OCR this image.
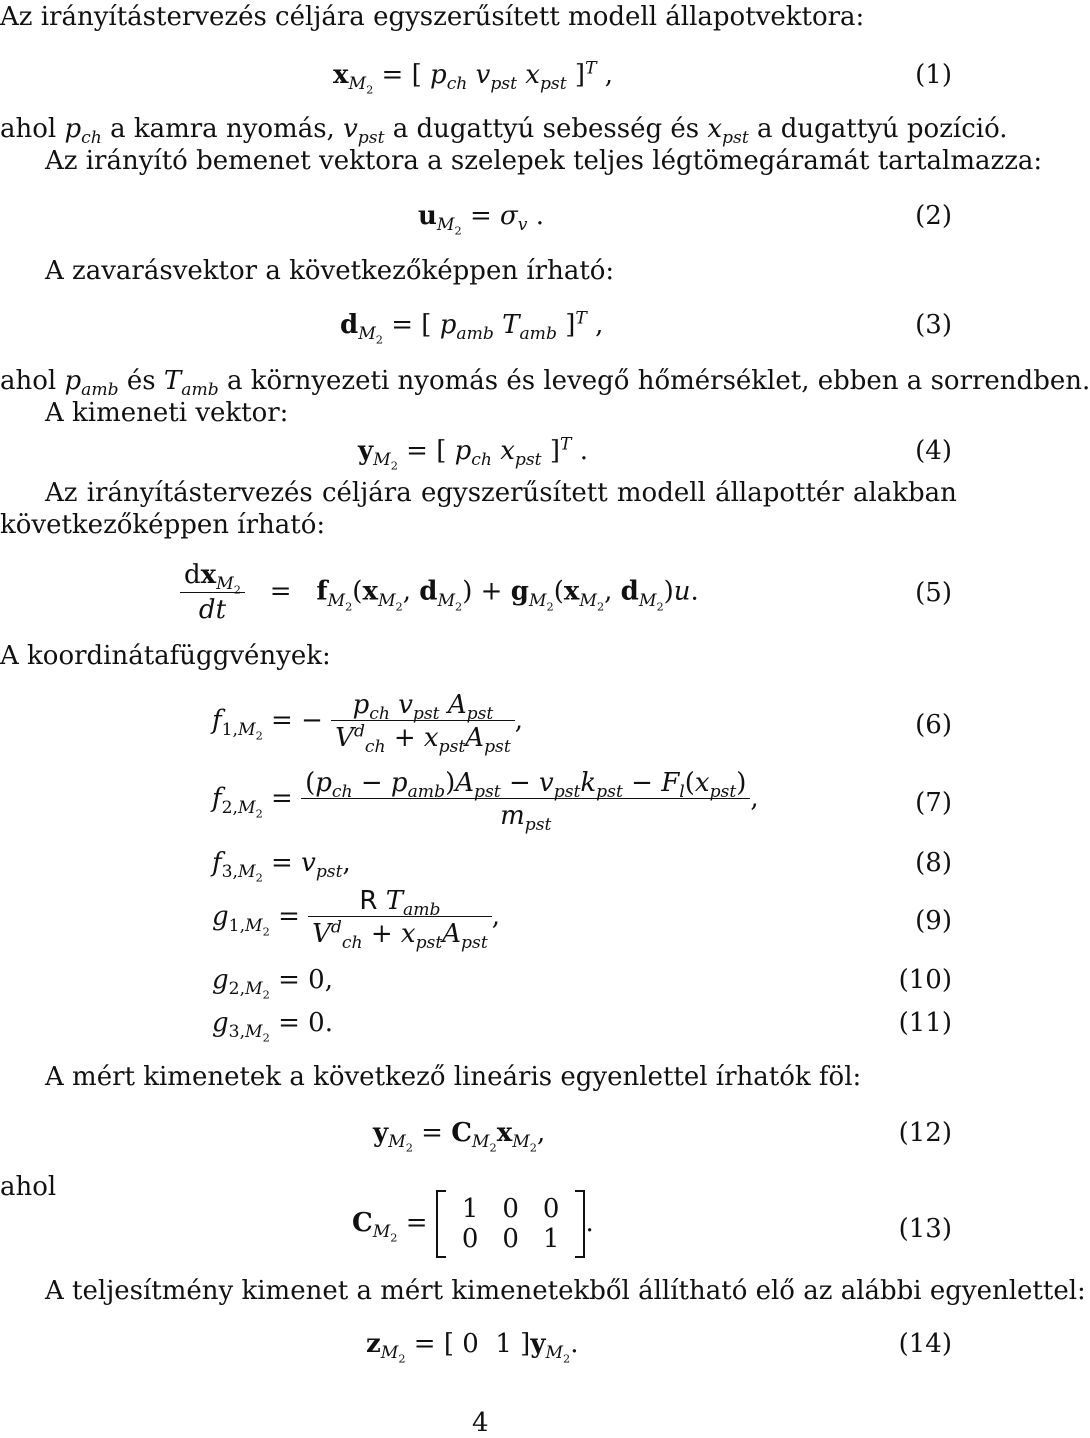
Az irányítástervezés céljára egyszerűsített modell állapotvektora:
$x_{M_2}$ = [ $p_{ch}$ $v_{pst}$ $x_{pst}$ ]$^T$ ,	(1)
ahol $p_{ch}$ a kamra nyomás, $v_{pst}$ a dugattyú sebesség és $x_{pst}$ a dugattyú pozíció.
Az irányító bemenet vektora a szelepek teljes légtömegáramát tartalmazza:
$u_{M_2} = \sigma_v$ .	(2)
A zavarásvektor a következőképpen írható:
$d_{M_2}$ = [ $p_{amb}$ $T_{amb}$ ]$^T$ ,	(3)
ahol $p_{amb}$ és $T_{amb}$ a környezeti nyomás és levegő hőmérséklet, ebben a sorrendben.
A kimeneti vektor:
$y_{M_2}$ = [ $p_{ch}$ $x_{pst}$ ]$^T$ .	(4)
Az irányítástervezés céljára egyszerűsített modell állapottér alakban
következőképpen írható:
$\frac{dx_{M_2}}{dt} = f_{M_2}(x_{M_2}$, $d_{M_2}) + g_{M_2}(x_{M_2}$, $d_{M_2})u$.	(5)
A koordinátafüggvények:
$f_{1,M_2}$ = − $\frac{p_{ch} v_{pst} A_{pst}}{V^d_{ch} + x_{pst}A_{pst}}$ ,	(6)
$f_{2,M_2} = \frac{(p_{ch} - p_{amb})A_{pst} - v_{pst}k_{pst} - F_l(x_{pst})}{m_{pst}}$ ,	(7)
$f_{3,M_2} = v_{pst}$,	(8)
$g_{1,M_2} = \frac{R T_{amb}}{V^d_{ch} + x_{pst}A_{pst}}$ ,	(9)
$g_{2,M_2} = 0$,	(10)
$g_{3,M_2} = 0$.	(11)
A mért kimenetek a következő lineáris egyenlettel írhatók föl:
$y_{M_2} = C_{M_2}x_{M_2}$,	(12)
ahol
$C_{M_2} = 1$	0	0
0	0	1
.	(13)
A teljesítmény kimenet a mért kimenetekből állítható elő az alábbi egyenlettel:
$z_{M_2}$ = [ 0 1 ]$y_{M_2}$.	(14)
4
